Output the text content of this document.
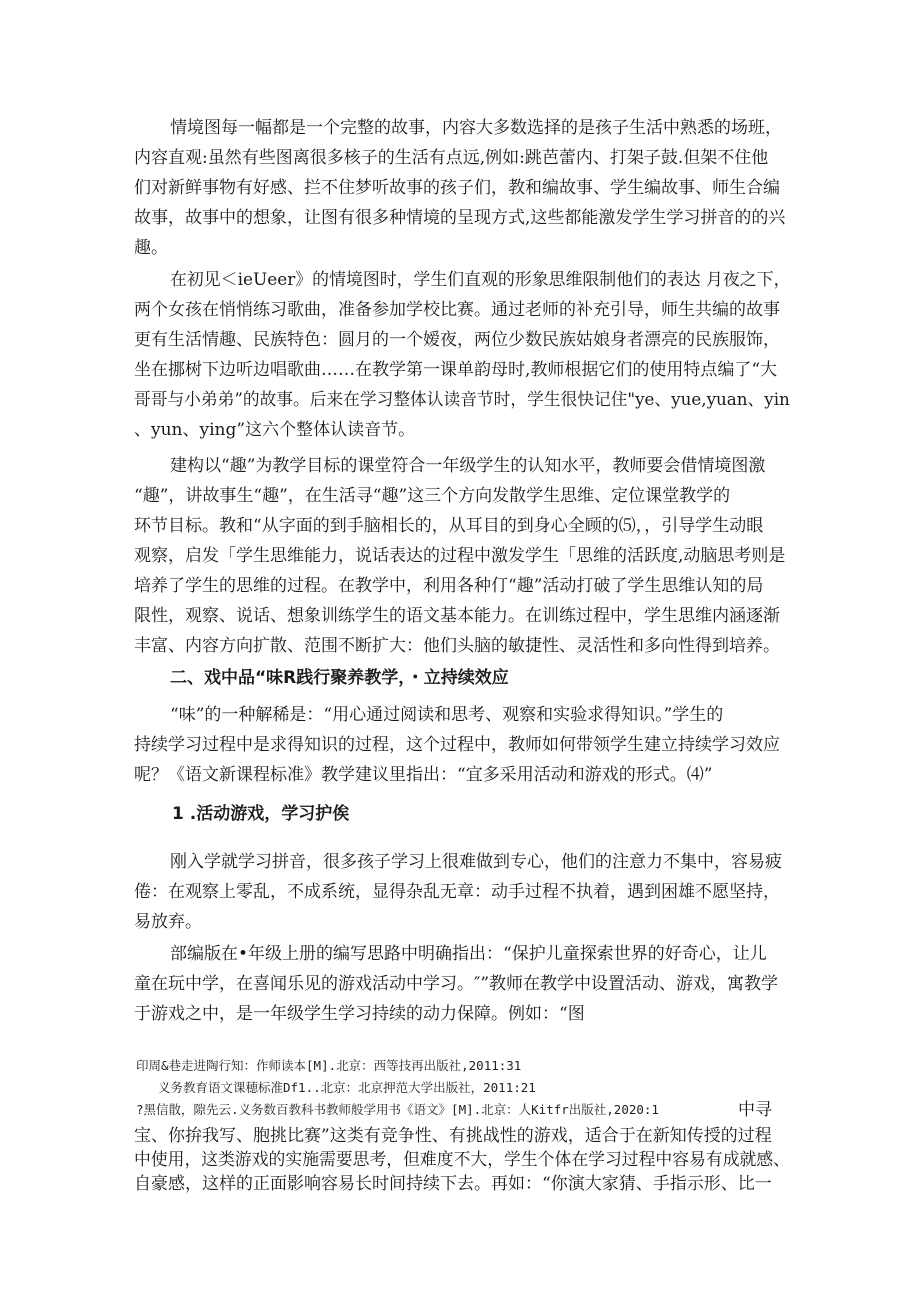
情境图每一幅都是一个完整的故事，内容大多数选择的是孩子生活中熟悉的场班，
内容直观:虽然有些图离很多核子的生活有点远,例如:跳芭蕾内、打架子鼓.但架不住他
们对新鲜事物有好感、拦不住梦听故事的孩子们，教和编故事、学生编故事、师生合编
故事，故事中的想象，让图有很多种情境的呈现方式,这些都能激发学生学习拼音的的兴
趣。
在初见＜ieUeer》的情境图时，学生们直观的形象思维限制他们的表达 月夜之下，
两个女孩在悄悄练习歌曲，准备参加学校比赛。通过老师的补充引导，师生共编的故事
更有生活情趣、民族特色：圆月的一个嫒夜，两位少数民族姑娘身者漂亮的民族服饰，
坐在挪树下边听边唱歌曲……在教学第一课单韵母时,教师根据它们的使用特点编了“大
哥哥与小弟弟”的故事。后来在学习整体认读音节时，学生很快记住"ye、yue,yuan、yin
、yun、ying”这六个整体认读音节。
建构以“趣”为教学目标的课堂符合一年级学生的认知水平，教师要会借情境图激
“趣”，讲故事生“趣”，在生活寻“趣”这三个方向发散学生思维、定位课堂教学的
环节目标。教和“从字面的到手脑相长的，从耳目的到身心全顾的⑸，，引导学生动眼
观察，启发「学生思维能力，说话表达的过程中激发学生「思维的活跃度,动脑思考则是
培养了学生的思维的过程。在教学中，利用各种仃“趣”活动打破了学生思维认知的局
限性，观察、说话、想象训练学生的语文基本能力。在训练过程中，学生思维内涵逐渐
丰富、内容方向扩散、范围不断扩大：他们头脑的敏捷性、灵活性和多向性得到培养。
二、戏中品“味R践行聚养教学，・立持续效应
“味”的一种解稀是：“用心通过阅读和思考、观察和实验求得知识。”学生的
持续学习过程中是求得知识的过程，这个过程中，教师如何带领学生建立持续学习效应
呢？《语文新课程标准》教学建议里指出：“宜多采用活动和游戏的形式。⑷”
1 .活动游戏，学习护俟
刚入学就学习拼音，很多孩子学习上很难做到专心，他们的注意力不集中，容易疲
倦：在观察上零乱，不成系统，显得杂乱无章：动手过程不执着，遇到困雄不愿坚持，
易放弃。
部编版在•年级上册的编写思路中明确指出：“保护儿童探索世界的好奇心，让儿
童在玩中学，在喜闻乐见的游戏活动中学习。″”教师在教学中设置活动、游戏，寓教学
于游戏之中，是一年级学生学习持续的动力保障。例如：“图
印周&巷走进陶行知：作师读本[M].北京：西等技再出版社,2011:31
义务教育语文课穂标准Df1..北京：北京押范大学出版社，2011:21
?黑信散，隙先云.义务数百教科书教师般学用书《语文》[M].北京：人Kitfr出版社,2020:1	中寻
宝、你拚我写、胞挑比赛”这类有竞争性、有挑战性的游戏，适合于在新知传授的过程
中使用，这类游戏的实施需要思考，但难度不大，学生个体在学习过程中容易有成就感、
自豪感，这样的正面影响容易长时间持续下去。再如：“你演大家猜、手指示形、比一
